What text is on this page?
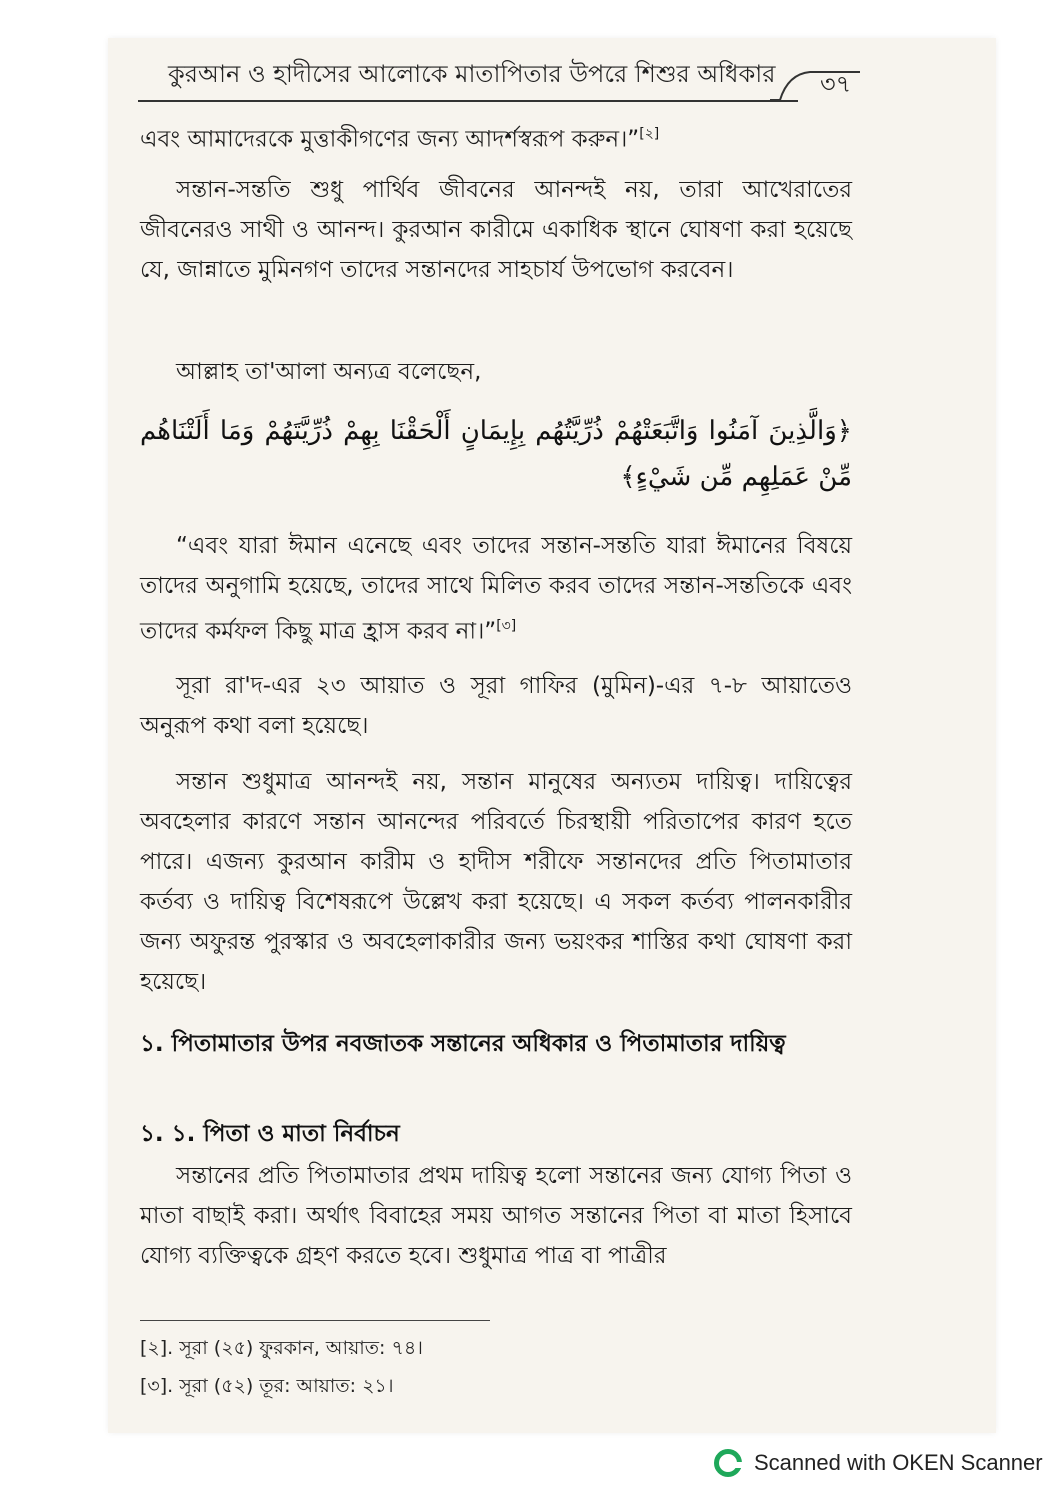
কুরআন ও হাদীসের আলোকে মাতাপিতার উপরে শিশুর অধিকার	৩৭
এবং আমাদেরকে মুত্তাকীগণের জন্য আদর্শস্বরূপ করুন।”[২]
সন্তান-সন্ততি শুধু পার্থিব জীবনের আনন্দই নয়, তারা আখেরাতের জীবনেরও সাথী ও আনন্দ। কুরআন কারীমে একাধিক স্থানে ঘোষণা করা হয়েছে যে, জান্নাতে মুমিনগণ তাদের সন্তানদের সাহচার্য উপভোগ করবেন।
আল্লাহ তা'আলা অন্যত্র বলেছেন,
﴿وَالَّذِينَ آمَنُوا وَاتَّبَعَتْهُمْ ذُرِّيَّتُهُم بِإِيمَانٍ أَلْحَقْنَا بِهِمْ ذُرِّيَّتَهُمْ وَمَا أَلَتْنَاهُم مِّنْ عَمَلِهِم مِّن شَيْءٍ﴾
“এবং যারা ঈমান এনেছে এবং তাদের সন্তান-সন্ততি যারা ঈমানের বিষয়ে তাদের অনুগামি হয়েছে, তাদের সাথে মিলিত করব তাদের সন্তান-সন্ততিকে এবং তাদের কর্মফল কিছু মাত্র হ্রাস করব না।”[৩]
সূরা রা'দ-এর ২৩ আয়াত ও সূরা গাফির (মুমিন)-এর ৭-৮ আয়াতেও অনুরূপ কথা বলা হয়েছে।
সন্তান শুধুমাত্র আনন্দই নয়, সন্তান মানুষের অন্যতম দায়িত্ব। দায়িত্বের অবহেলার কারণে সন্তান আনন্দের পরিবর্তে চিরস্থায়ী পরিতাপের কারণ হতে পারে। এজন্য কুরআন কারীম ও হাদীস শরীফে সন্তানদের প্রতি পিতামাতার কর্তব্য ও দায়িত্ব বিশেষরূপে উল্লেখ করা হয়েছে। এ সকল কর্তব্য পালনকারীর জন্য অফুরন্ত পুরস্কার ও অবহেলাকারীর জন্য ভয়ংকর শাস্তির কথা ঘোষণা করা হয়েছে।
১. পিতামাতার উপর নবজাতক সন্তানের অধিকার ও পিতামাতার দায়িত্ব
১. ১. পিতা ও মাতা নির্বাচন
সন্তানের প্রতি পিতামাতার প্রথম দায়িত্ব হলো সন্তানের জন্য যোগ্য পিতা ও মাতা বাছাই করা। অর্থাৎ বিবাহের সময় আগত সন্তানের পিতা বা মাতা হিসাবে যোগ্য ব্যক্তিত্বকে গ্রহণ করতে হবে। শুধুমাত্র পাত্র বা পাত্রীর
[২]. সূরা (২৫) ফুরকান, আয়াত: ৭৪।
[৩]. সূরা (৫২) তূর: আয়াত: ২১।
Scanned with OKEN Scanner
